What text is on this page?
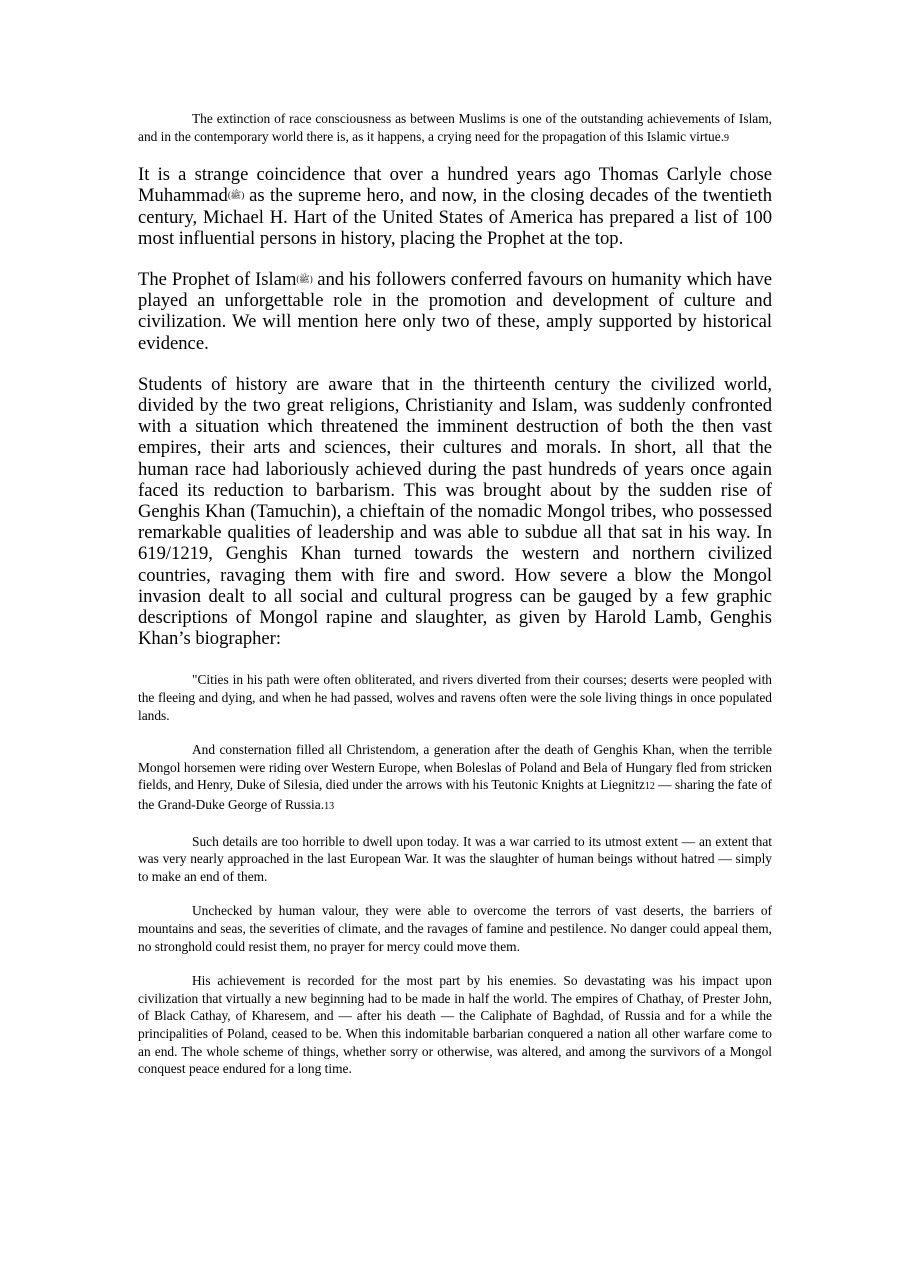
The extinction of race consciousness as between Muslims is one of the outstanding achievements of Islam, and in the contemporary world there is, as it happens, a crying need for the propagation of this Islamic virtue.9

It is a strange coincidence that over a hundred years ago Thomas Carlyle chose Muhammad(ﷺ) as the supreme hero, and now, in the closing decades of the twentieth century, Michael H. Hart of the United States of America has prepared a list of 100 most influential persons in history, placing the Prophet at the top.

The Prophet of Islam(ﷺ) and his followers conferred favours on humanity which have played an unforgettable role in the promotion and development of culture and civilization. We will mention here only two of these, amply supported by historical evidence.

Students of history are aware that in the thirteenth century the civilized world, divided by the two great religions, Christianity and Islam, was suddenly confronted with a situation which threatened the imminent destruction of both the then vast empires, their arts and sciences, their cultures and morals. In short, all that the human race had laboriously achieved during the past hundreds of years once again faced its reduction to barbarism. This was brought about by the sudden rise of Genghis Khan (Tamuchin), a chieftain of the nomadic Mongol tribes, who possessed remarkable qualities of leadership and was able to subdue all that sat in his way. In 619/1219, Genghis Khan turned towards the western and northern civilized countries, ravaging them with fire and sword. How severe a blow the Mongol invasion dealt to all social and cultural progress can be gauged by a few graphic descriptions of Mongol rapine and slaughter, as given by Harold Lamb, Genghis Khan’s biographer:

"Cities in his path were often obliterated, and rivers diverted from their courses; deserts were peopled with the fleeing and dying, and when he had passed, wolves and ravens often were the sole living things in once populated lands.

And consternation filled all Christendom, a generation after the death of Genghis Khan, when the terrible Mongol horsemen were riding over Western Europe, when Boleslas of Poland and Bela of Hungary fled from stricken fields, and Henry, Duke of Silesia, died under the arrows with his Teutonic Knights at Liegnitz12 — sharing the fate of the Grand-Duke George of Russia.13

Such details are too horrible to dwell upon today. It was a war carried to its utmost extent — an extent that was very nearly approached in the last European War. It was the slaughter of human beings without hatred — simply to make an end of them.

Unchecked by human valour, they were able to overcome the terrors of vast deserts, the barriers of mountains and seas, the severities of climate, and the ravages of famine and pestilence. No danger could appeal them, no stronghold could resist them, no prayer for mercy could move them.

His achievement is recorded for the most part by his enemies. So devastating was his impact upon civilization that virtually a new beginning had to be made in half the world. The empires of Chathay, of Prester John, of Black Cathay, of Kharesem, and — after his death — the Caliphate of Baghdad, of Russia and for a while the principalities of Poland, ceased to be. When this indomitable barbarian conquered a nation all other warfare come to an end. The whole scheme of things, whether sorry or otherwise, was altered, and among the survivors of a Mongol conquest peace endured for a long time.
